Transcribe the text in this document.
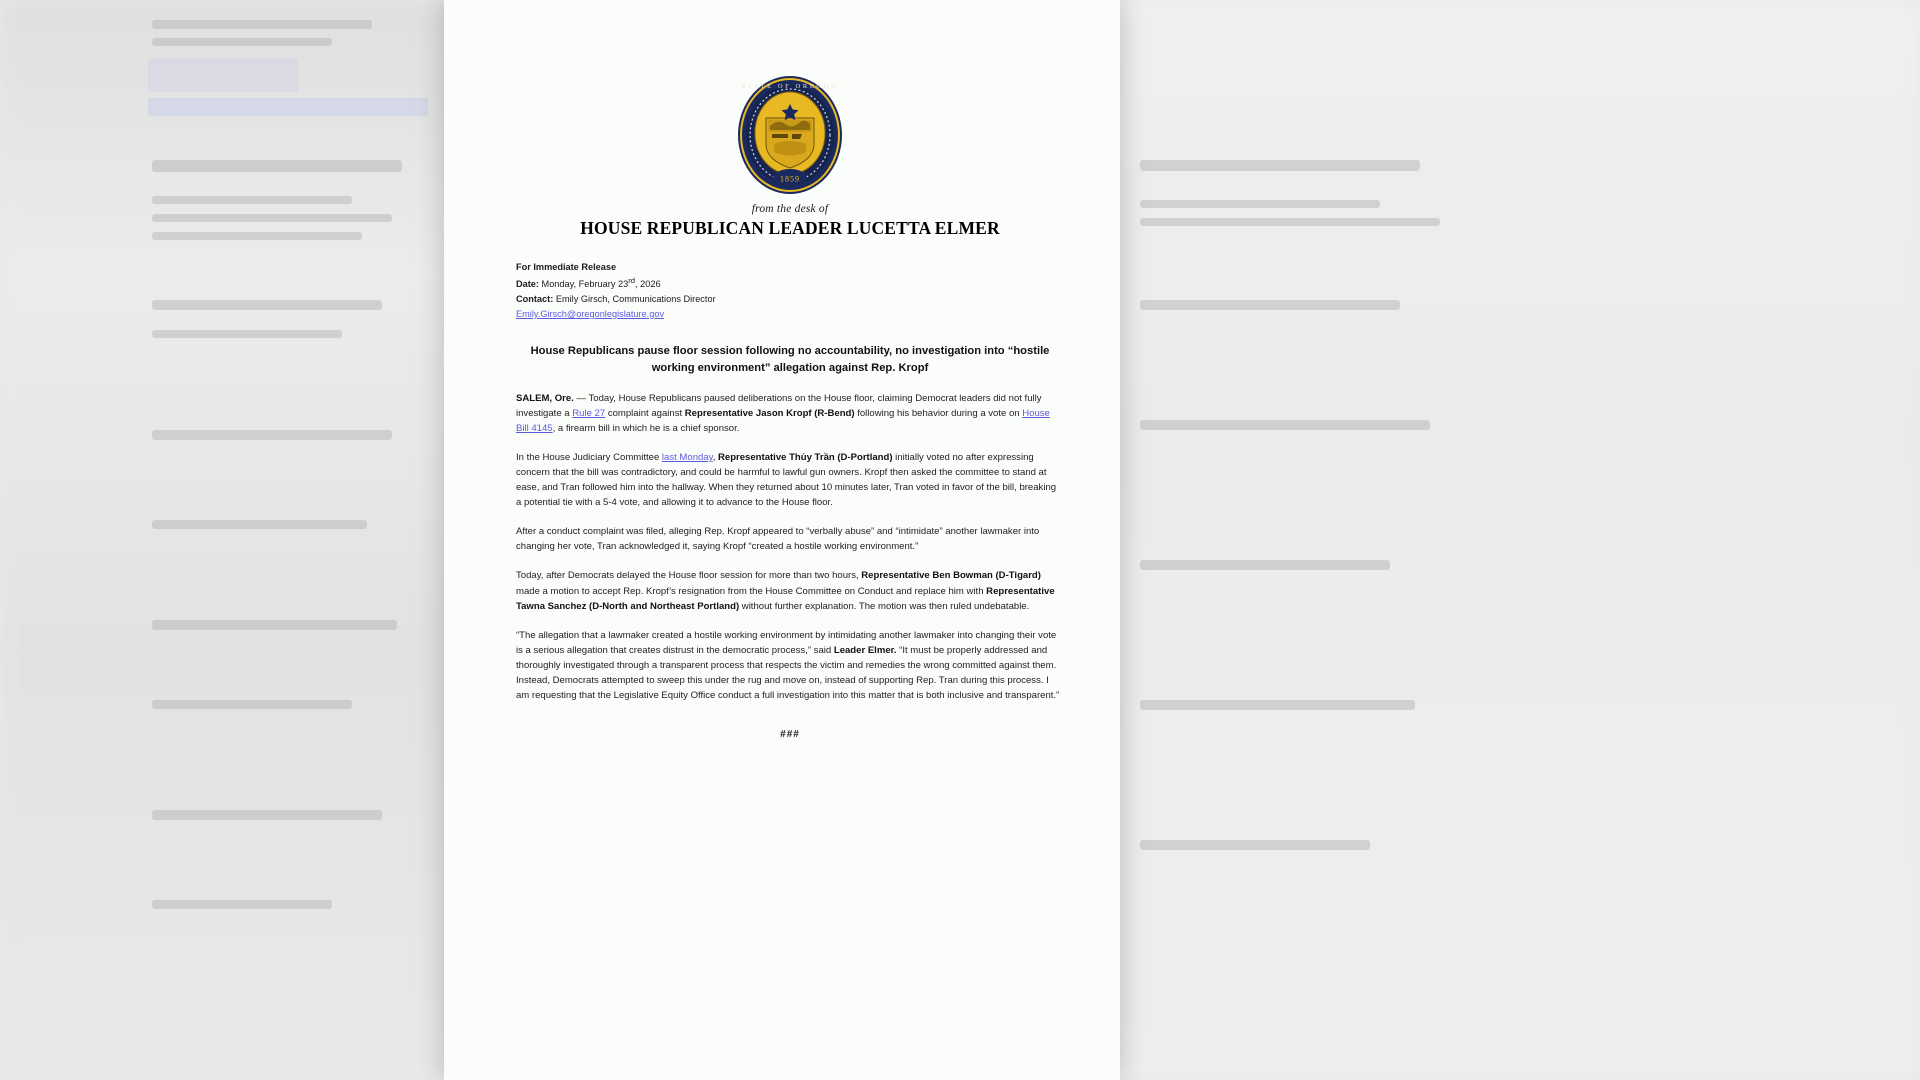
1859
STATE OF OREGON
from the desk of
HOUSE REPUBLICAN LEADER LUCETTA ELMER
For Immediate Release
Date: Monday, February 23rd, 2026
Contact: Emily Girsch, Communications Director
Emily.Girsch@oregonlegislature.gov
House Republicans pause floor session following no accountability, no investigation into “hostile working environment” allegation against Rep. Kropf

SALEM, Ore. — Today, House Republicans paused deliberations on the House floor, claiming Democrat leaders did not fully investigate a Rule 27 complaint against Representative Jason Kropf (R-Bend) following his behavior during a vote on House Bill 4145, a firearm bill in which he is a chief sponsor.

In the House Judiciary Committee last Monday, Representative Thủy Trần (D-Portland) initially voted no after expressing concern that the bill was contradictory, and could be harmful to lawful gun owners. Kropf then asked the committee to stand at ease, and Tran followed him into the hallway. When they returned about 10 minutes later, Tran voted in favor of the bill, breaking a potential tie with a 5-4 vote, and allowing it to advance to the House floor.

After a conduct complaint was filed, alleging Rep. Kropf appeared to “verbally abuse” and “intimidate” another lawmaker into changing her vote, Tran acknowledged it, saying Kropf “created a hostile working environment.”

Today, after Democrats delayed the House floor session for more than two hours, Representative Ben Bowman (D-Tigard) made a motion to accept Rep. Kropf’s resignation from the House Committee on Conduct and replace him with Representative Tawna Sanchez (D-North and Northeast Portland) without further explanation. The motion was then ruled undebatable.

“The allegation that a lawmaker created a hostile working environment by intimidating another lawmaker into changing their vote is a serious allegation that creates distrust in the democratic process,” said Leader Elmer. “It must be properly addressed and thoroughly investigated through a transparent process that respects the victim and remedies the wrong committed against them. Instead, Democrats attempted to sweep this under the rug and move on, instead of supporting Rep. Tran during this process. I am requesting that the Legislative Equity Office conduct a full investigation into this matter that is both inclusive and transparent.”

###
